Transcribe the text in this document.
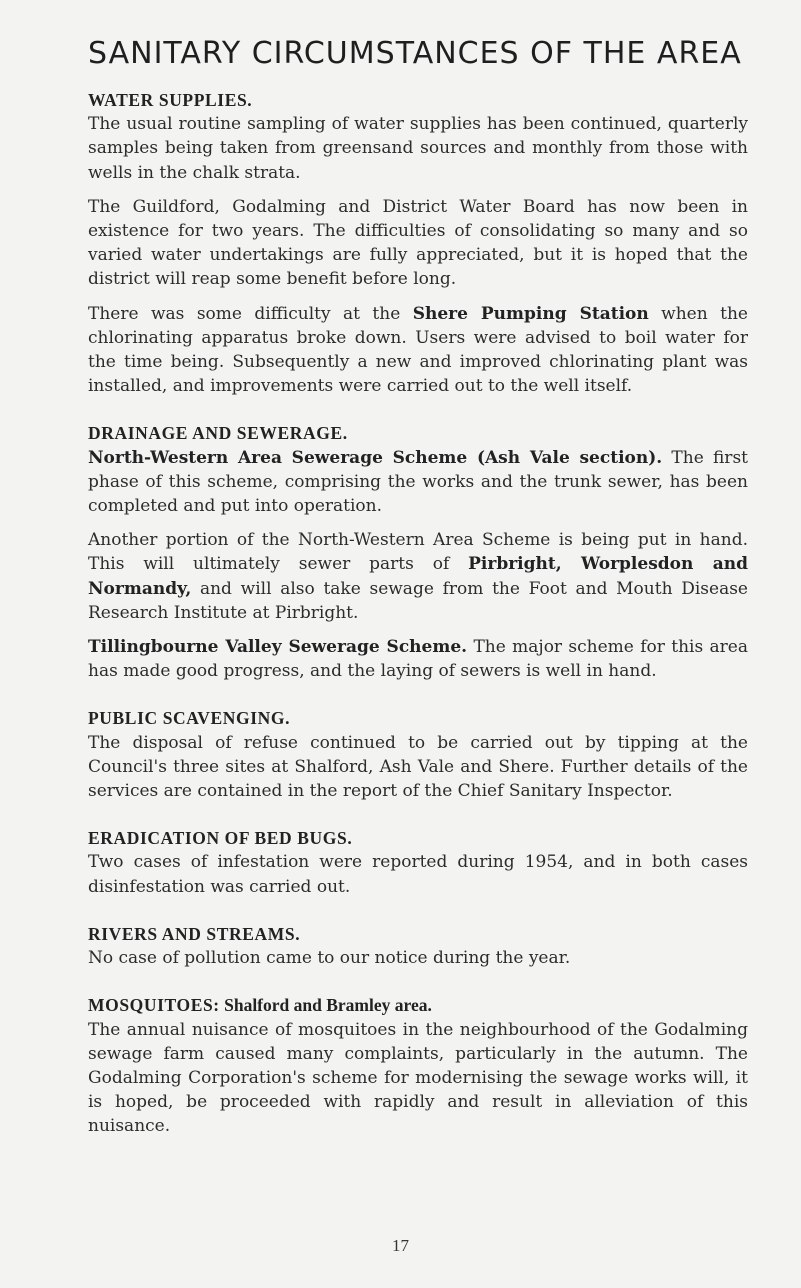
SANITARY CIRCUMSTANCES OF THE AREA
WATER SUPPLIES.

The usual routine sampling of water supplies has been continued, quarterly samples being taken from greensand sources and monthly from those with wells in the chalk strata.

The Guildford, Godalming and District Water Board has now been in existence for two years. The difficulties of consolidating so many and so varied water undertakings are fully appreciated, but it is hoped that the district will reap some benefit before long.

There was some difficulty at the Shere Pumping Station when the chlorinating apparatus broke down. Users were advised to boil water for the time being. Subsequently a new and improved chlorinating plant was installed, and improvements were carried out to the well itself.

DRAINAGE AND SEWERAGE.

North-Western Area Sewerage Scheme (Ash Vale section). The first phase of this scheme, comprising the works and the trunk sewer, has been completed and put into operation.

Another portion of the North-Western Area Scheme is being put in hand. This will ultimately sewer parts of Pirbright, Worplesdon and Normandy, and will also take sewage from the Foot and Mouth Disease Research Institute at Pirbright.

Tillingbourne Valley Sewerage Scheme. The major scheme for this area has made good progress, and the laying of sewers is well in hand.

PUBLIC SCAVENGING.

The disposal of refuse continued to be carried out by tipping at the Council's three sites at Shalford, Ash Vale and Shere. Further details of the services are contained in the report of the Chief Sanitary Inspector.

ERADICATION OF BED BUGS.

Two cases of infestation were reported during 1954, and in both cases disinfestation was carried out.

RIVERS AND STREAMS.

No case of pollution came to our notice during the year.

MOSQUITOES: Shalford and Bramley area.

The annual nuisance of mosquitoes in the neighbourhood of the Godalming sewage farm caused many complaints, particularly in the autumn. The Godalming Corporation's scheme for modernising the sewage works will, it is hoped, be proceeded with rapidly and result in alleviation of this nuisance.

17
